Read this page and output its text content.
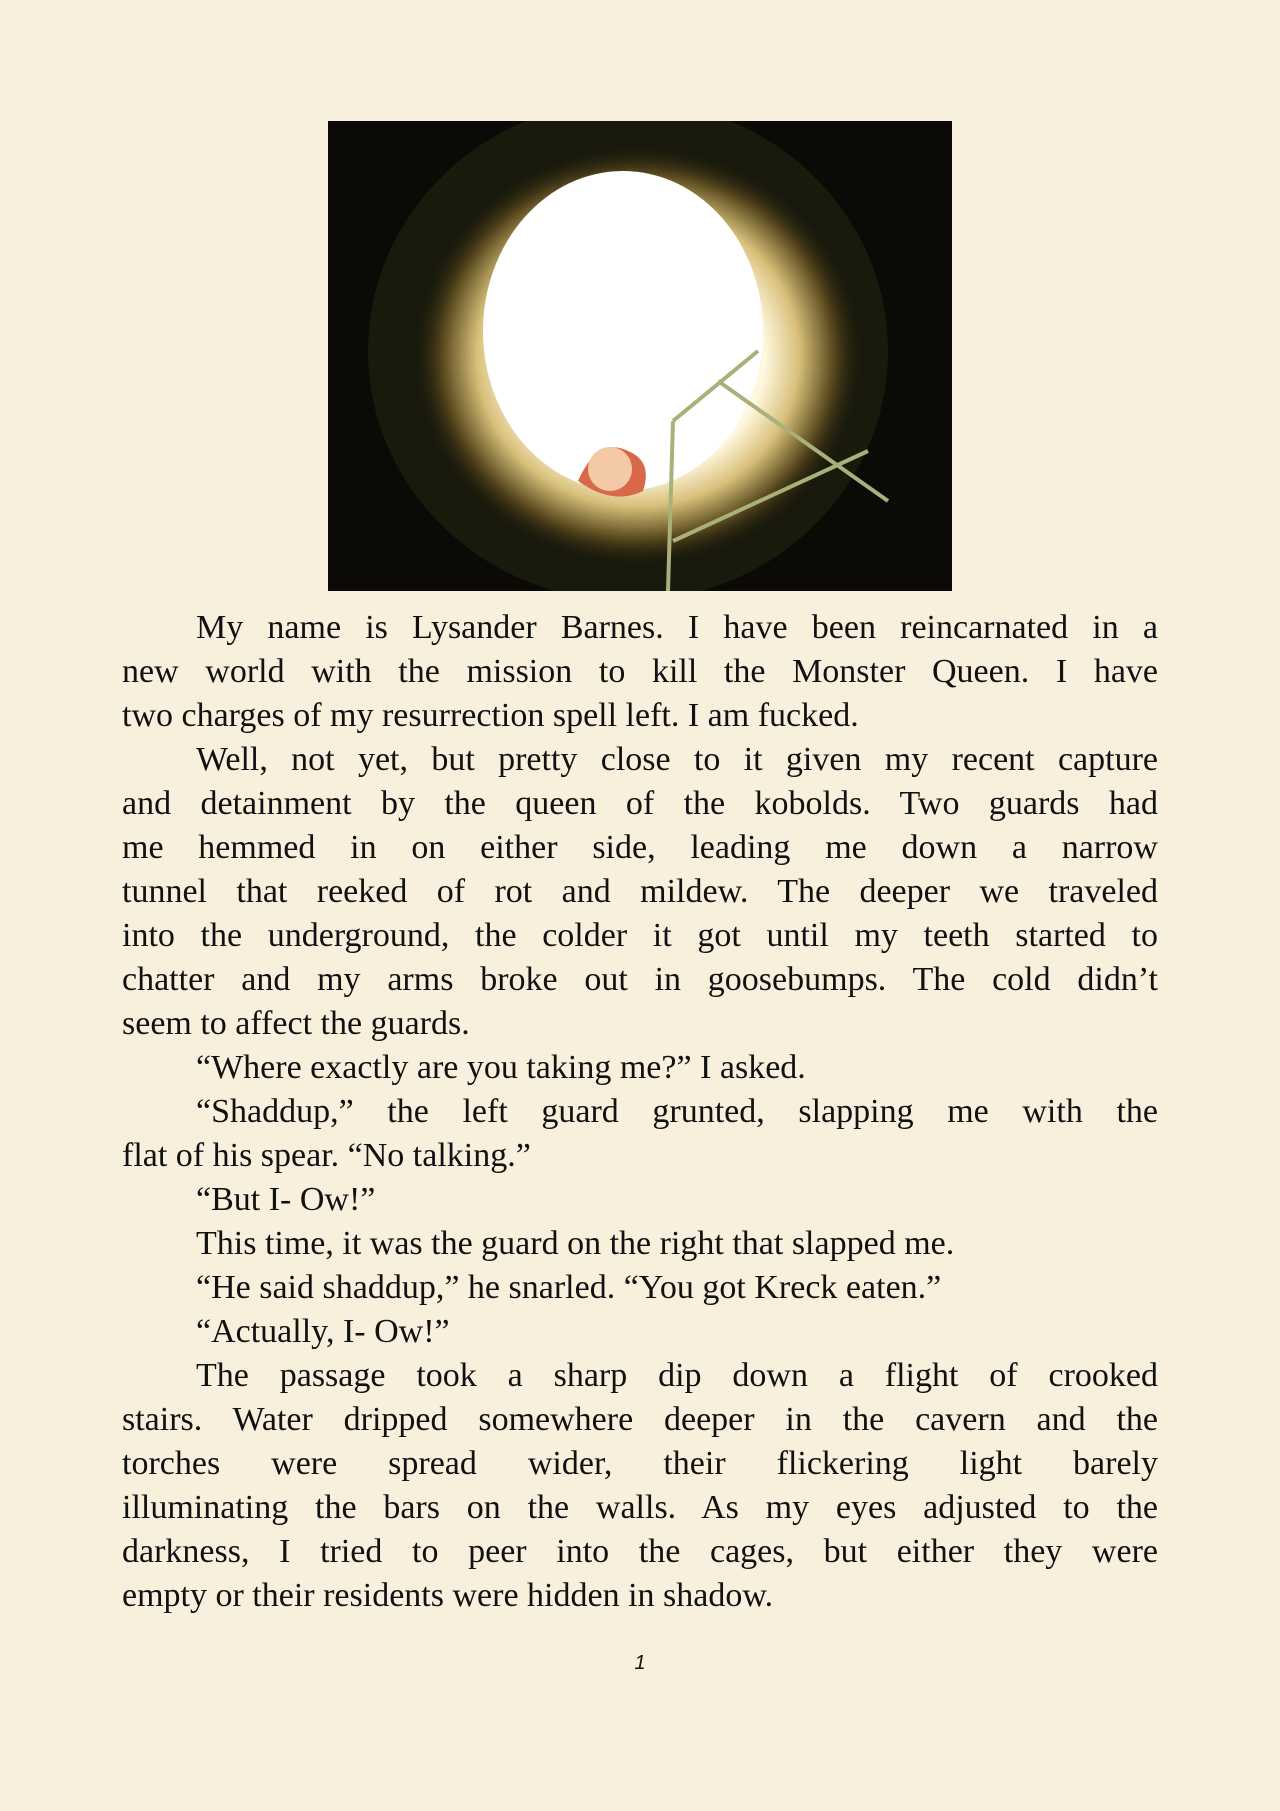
My name is Lysander Barnes. I have been reincarnated in a
new world with the mission to kill the Monster Queen. I have
two charges of my resurrection spell left. I am fucked.
Well, not yet, but pretty close to it given my recent capture
and detainment by the queen of the kobolds. Two guards had
me hemmed in on either side, leading me down a narrow
tunnel that reeked of rot and mildew. The deeper we traveled
into the underground, the colder it got until my teeth started to
chatter and my arms broke out in goosebumps. The cold didn’t
seem to affect the guards.
“Where exactly are you taking me?” I asked.
“Shaddup,” the left guard grunted, slapping me with the
flat of his spear. “No talking.”
“But I- Ow!”
This time, it was the guard on the right that slapped me.
“He said shaddup,” he snarled. “You got Kreck eaten.”
“Actually, I- Ow!”
The passage took a sharp dip down a flight of crooked
stairs. Water dripped somewhere deeper in the cavern and the
torches were spread wider, their flickering light barely
illuminating the bars on the walls. As my eyes adjusted to the
darkness, I tried to peer into the cages, but either they were
empty or their residents were hidden in shadow.
1
